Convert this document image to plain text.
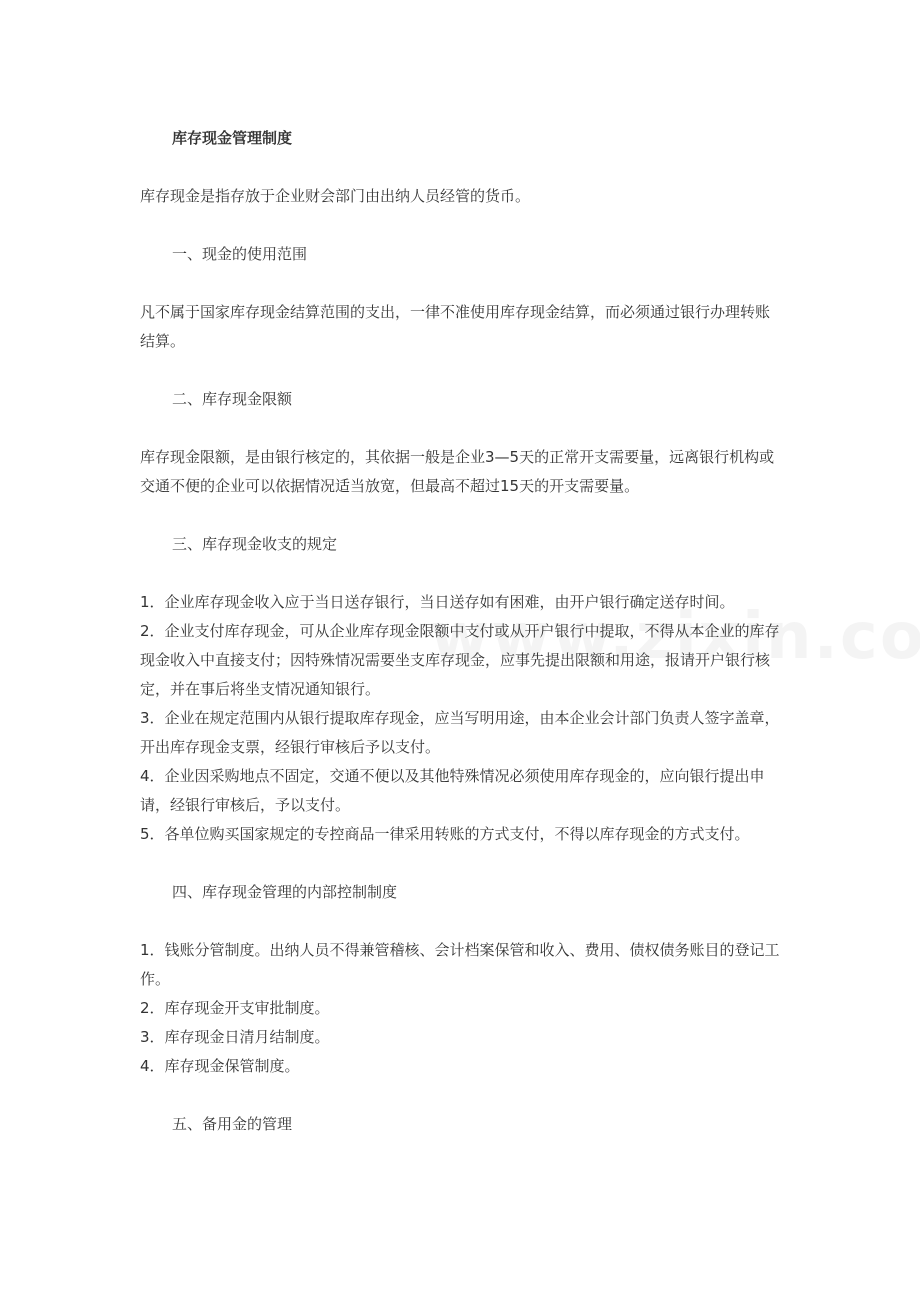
库存现金管理制度

库存现金是指存放于企业财会部门由出纳人员经管的货币。

一、现金的使用范围

凡不属于国家库存现金结算范围的支出，一律不准使用库存现金结算，而必须通过银行办理转账结算。

二、库存现金限额

库存现金限额，是由银行核定的，其依据一般是企业3—5天的正常开支需要量，远离银行机构或交通不便的企业可以依据情况适当放宽，但最高不超过15天的开支需要量。

三、库存现金收支的规定

1．企业库存现金收入应于当日送存银行，当日送存如有困难，由开户银行确定送存时间。
2．企业支付库存现金，可从企业库存现金限额中支付或从开户银行中提取，不得从本企业的库存现金收入中直接支付；因特殊情况需要坐支库存现金，应事先提出限额和用途，报请开户银行核定，并在事后将坐支情况通知银行。
3．企业在规定范围内从银行提取库存现金，应当写明用途，由本企业会计部门负责人签字盖章，开出库存现金支票，经银行审核后予以支付。
4．企业因采购地点不固定，交通不便以及其他特殊情况必须使用库存现金的，应向银行提出申请，经银行审核后，予以支付。
5．各单位购买国家规定的专控商品一律采用转账的方式支付，不得以库存现金的方式支付。

四、库存现金管理的内部控制制度

1．钱账分管制度。出纳人员不得兼管稽核、会计档案保管和收入、费用、债权债务账目的登记工作。
2．库存现金开支审批制度。
3．库存现金日清月结制度。
4．库存现金保管制度。

五、备用金的管理
